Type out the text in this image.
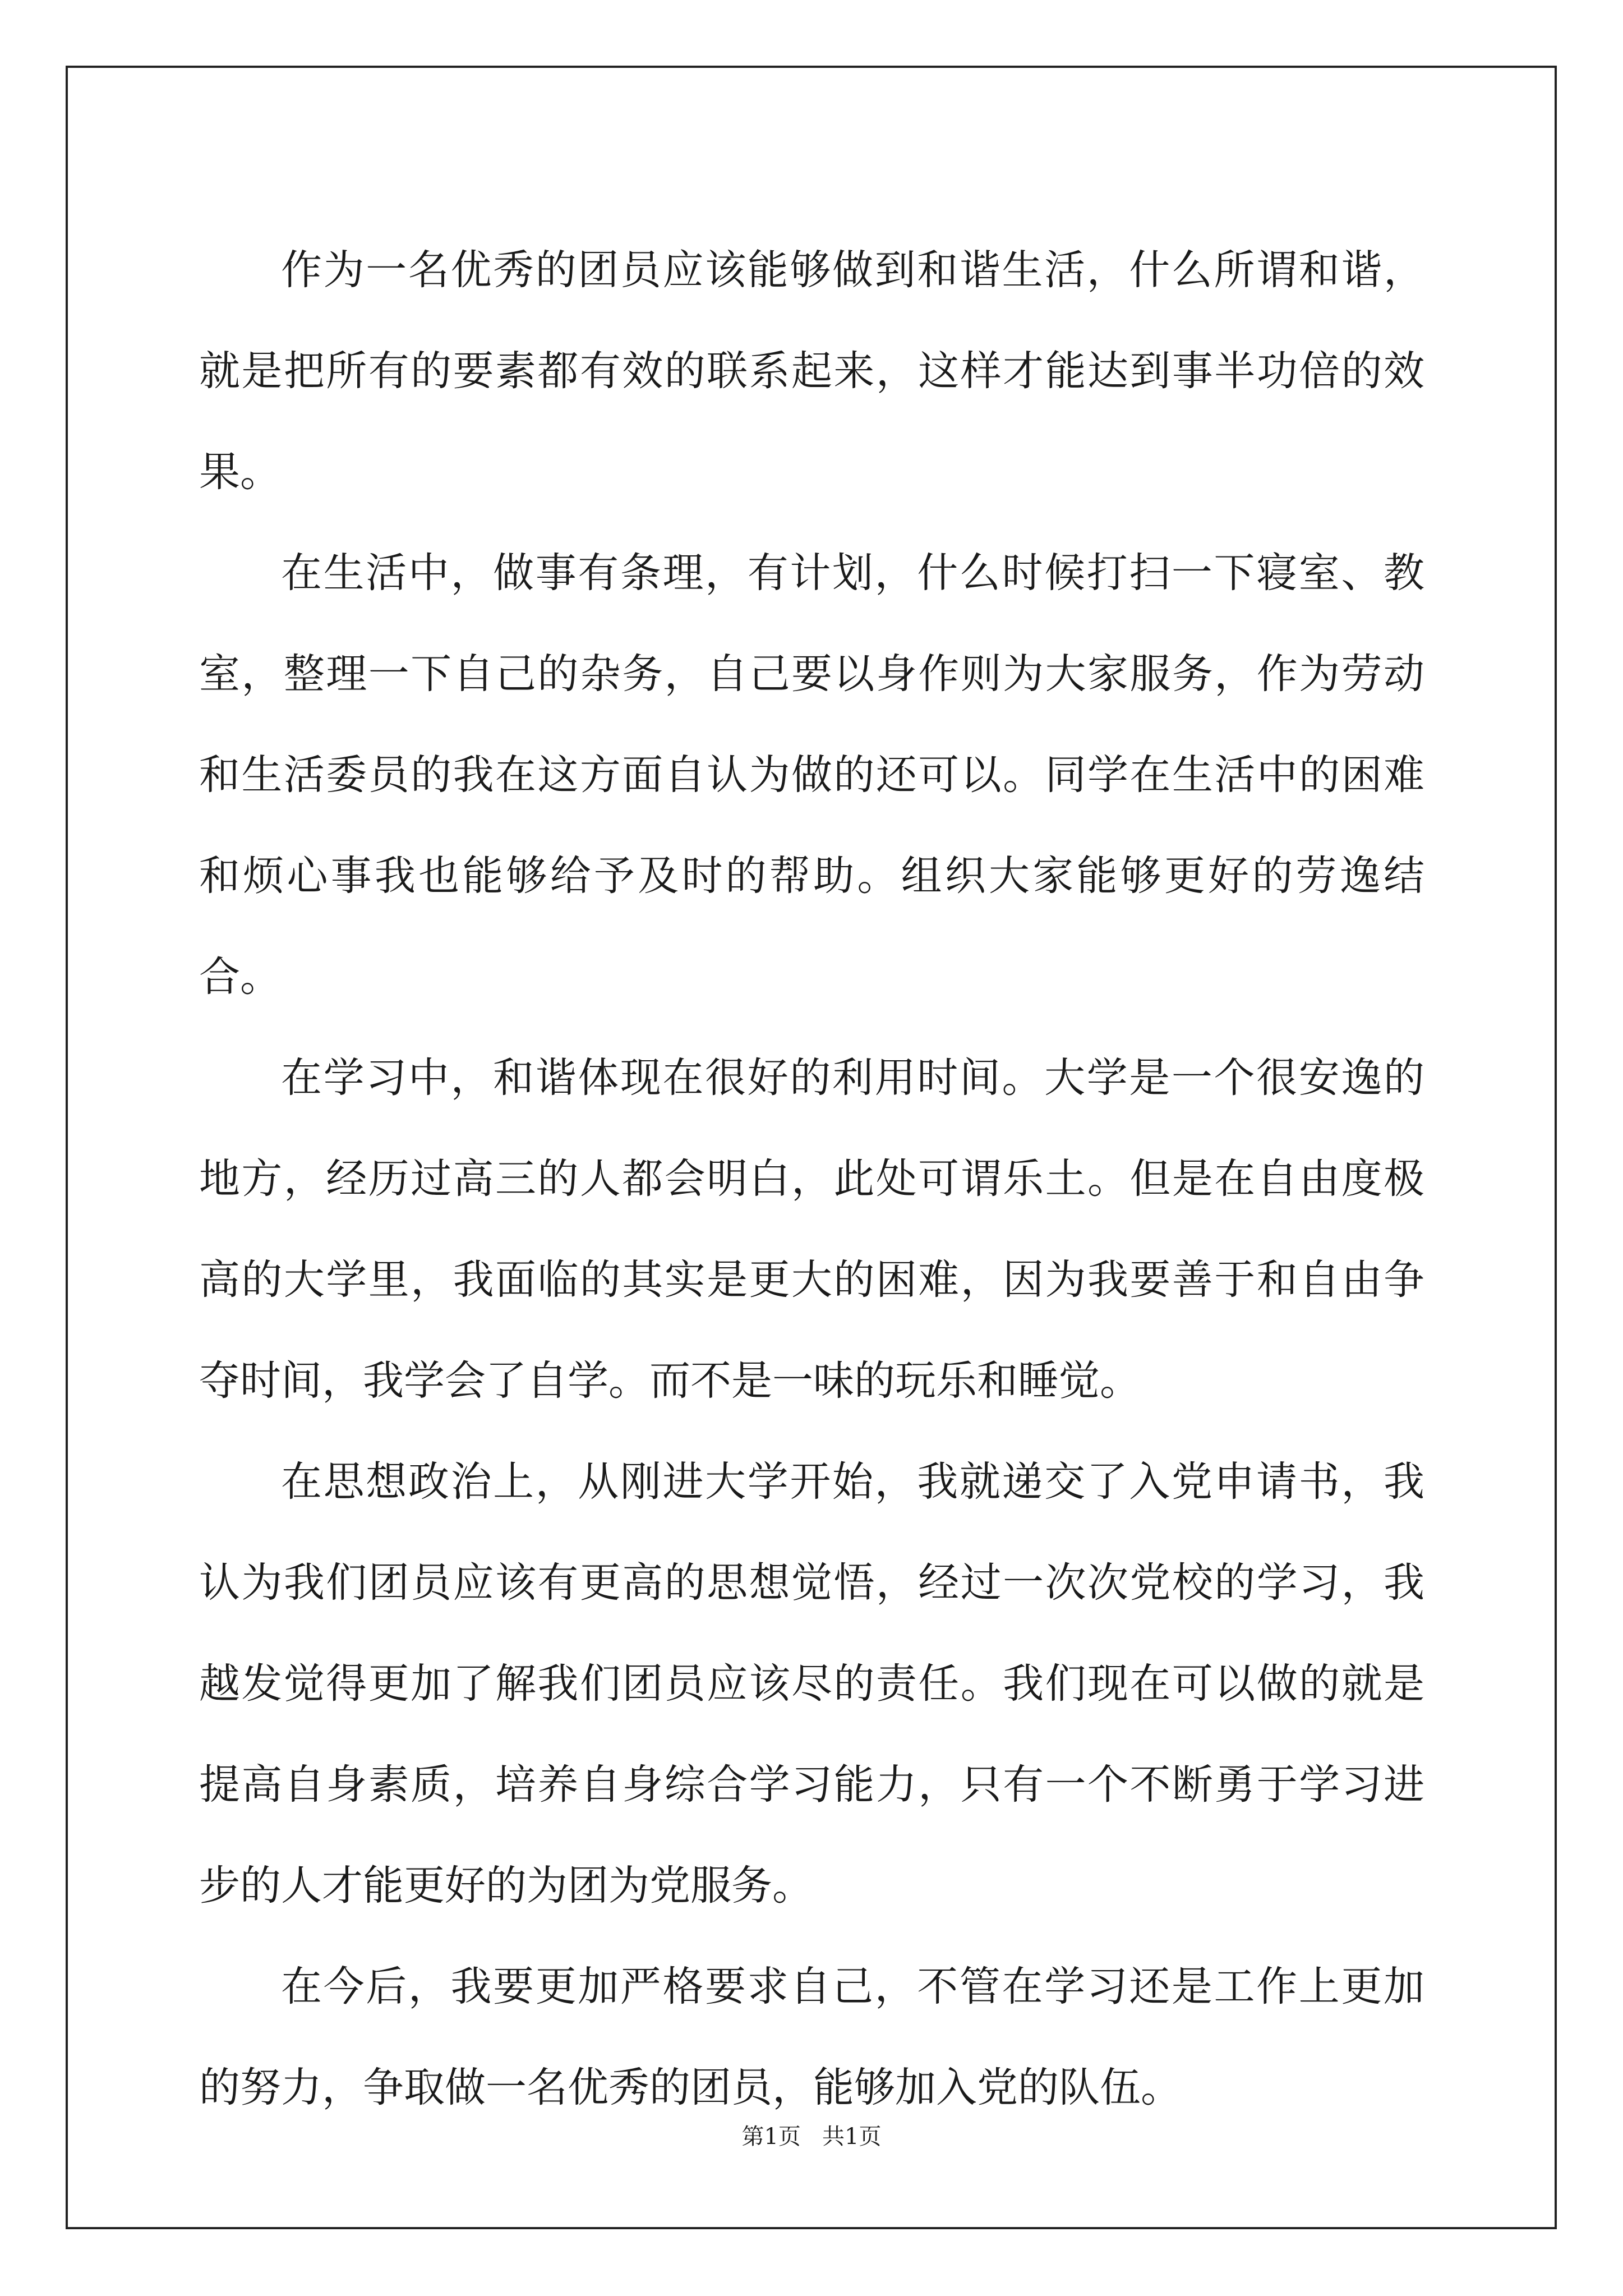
作为一名优秀的团员应该能够做到和谐生活，什么所谓和谐，就是把所有的要素都有效的联系起来，这样才能达到事半功倍的效果。

在生活中，做事有条理，有计划，什么时候打扫一下寝室、教室，整理一下自己的杂务，自己要以身作则为大家服务，作为劳动和生活委员的我在这方面自认为做的还可以。同学在生活中的困难和烦心事我也能够给予及时的帮助。组织大家能够更好的劳逸结合。

在学习中，和谐体现在很好的利用时间。大学是一个很安逸的地方，经历过高三的人都会明白，此处可谓乐土。但是在自由度极高的大学里，我面临的其实是更大的困难，因为我要善于和自由争夺时间，我学会了自学。而不是一味的玩乐和睡觉。

在思想政治上，从刚进大学开始，我就递交了入党申请书，我认为我们团员应该有更高的思想觉悟，经过一次次党校的学习，我越发觉得更加了解我们团员应该尽的责任。我们现在可以做的就是提高自身素质，培养自身综合学习能力，只有一个不断勇于学习进步的人才能更好的为团为党服务。

在今后，我要更加严格要求自己，不管在学习还是工作上更加的努力，争取做一名优秀的团员，能够加入党的队伍。

第1页   共1页
